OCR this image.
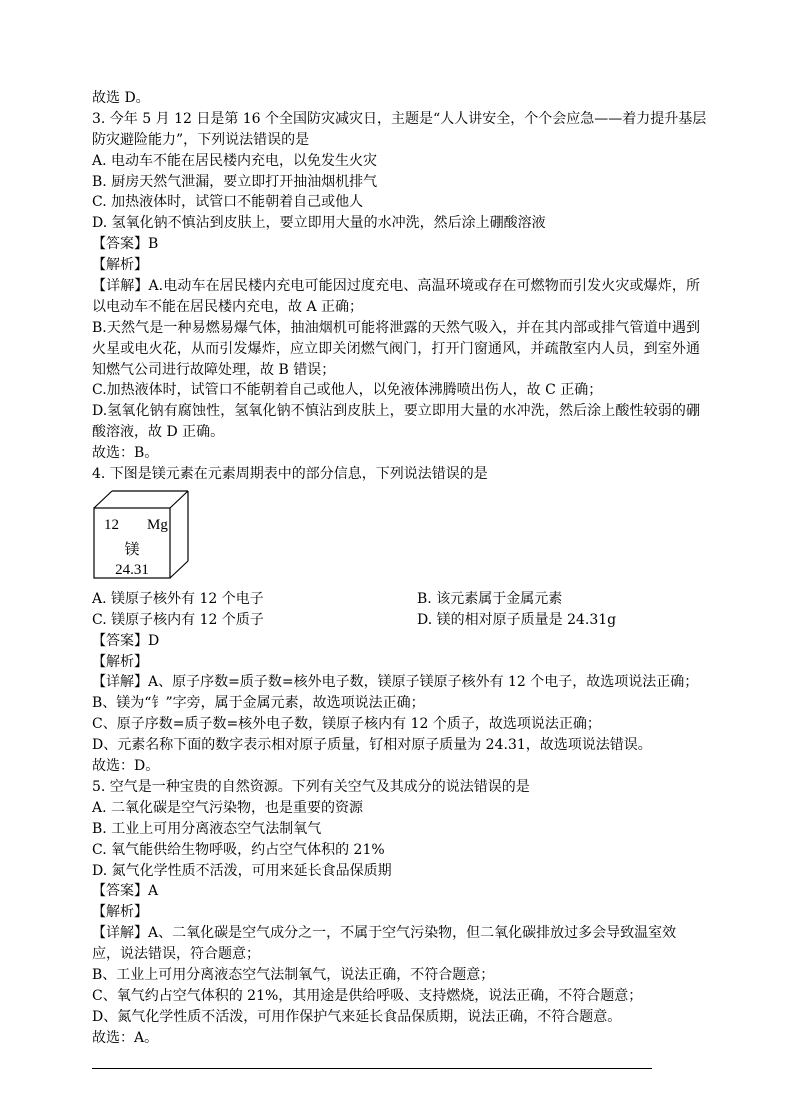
故选 D。
3. 今年 5 月 12 日是第 16 个全国防灾减灾日，主题是“人人讲安全，个个会应急——着力提升基层
防灾避险能力”，下列说法错误的是
A. 电动车不能在居民楼内充电，以免发生火灾
B. 厨房天然气泄漏，要立即打开抽油烟机排气
C. 加热液体时，试管口不能朝着自己或他人
D. 氢氧化钠不慎沾到皮肤上，要立即用大量的水冲洗，然后涂上硼酸溶液
【答案】B
【解析】
【详解】A.电动车在居民楼内充电可能因过度充电、高温环境或存在可燃物而引发火灾或爆炸，所
以电动车不能在居民楼内充电，故 A 正确；
B.天然气是一种易燃易爆气体，抽油烟机可能将泄露的天然气吸入，并在其内部或排气管道中遇到
火星或电火花，从而引发爆炸，应立即关闭燃气阀门，打开门窗通风，并疏散室内人员，到室外通
知燃气公司进行故障处理，故 B 错误；
C.加热液体时，试管口不能朝着自己或他人，以免液体沸腾喷出伤人，故 C 正确；
D.氢氧化钠有腐蚀性，氢氧化钠不慎沾到皮肤上，要立即用大量的水冲洗，然后涂上酸性较弱的硼
酸溶液，故 D 正确。
故选：B。
4. 下图是镁元素在元素周期表中的部分信息，下列说法错误的是
12 Mg
镁
24.31
A. 镁原子核外有 12 个电子	B. 该元素属于金属元素
C. 镁原子核内有 12 个质子	D. 镁的相对原子质量是 24.31g
【答案】D
【解析】
【详解】A、原子序数=质子数=核外电子数，镁原子镁原子核外有 12 个电子，故选项说法正确；
B、镁为“钅”字旁，属于金属元素，故选项说法正确；
C、原子序数=质子数=核外电子数，镁原子核内有 12 个质子，故选项说法正确；
D、元素名称下面的数字表示相对原子质量，钌相对原子质量为 24.31，故选项说法错误。
故选：D。
5. 空气是一种宝贵的自然资源。下列有关空气及其成分的说法错误的是
A. 二氧化碳是空气污染物，也是重要的资源
B. 工业上可用分离液态空气法制氧气
C. 氧气能供给生物呼吸，约占空气体积的 21%
D. 氮气化学性质不活泼，可用来延长食品保质期
【答案】A
【解析】
【详解】A、二氧化碳是空气成分之一，不属于空气污染物，但二氧化碳排放过多会导致温室效
应，说法错误，符合题意；
B、工业上可用分离液态空气法制氧气，说法正确，不符合题意；
C、氧气约占空气体积的 21%，其用途是供给呼吸、支持燃烧，说法正确，不符合题意；
D、氮气化学性质不活泼，可用作保护气来延长食品保质期，说法正确，不符合题意。
故选：A。
